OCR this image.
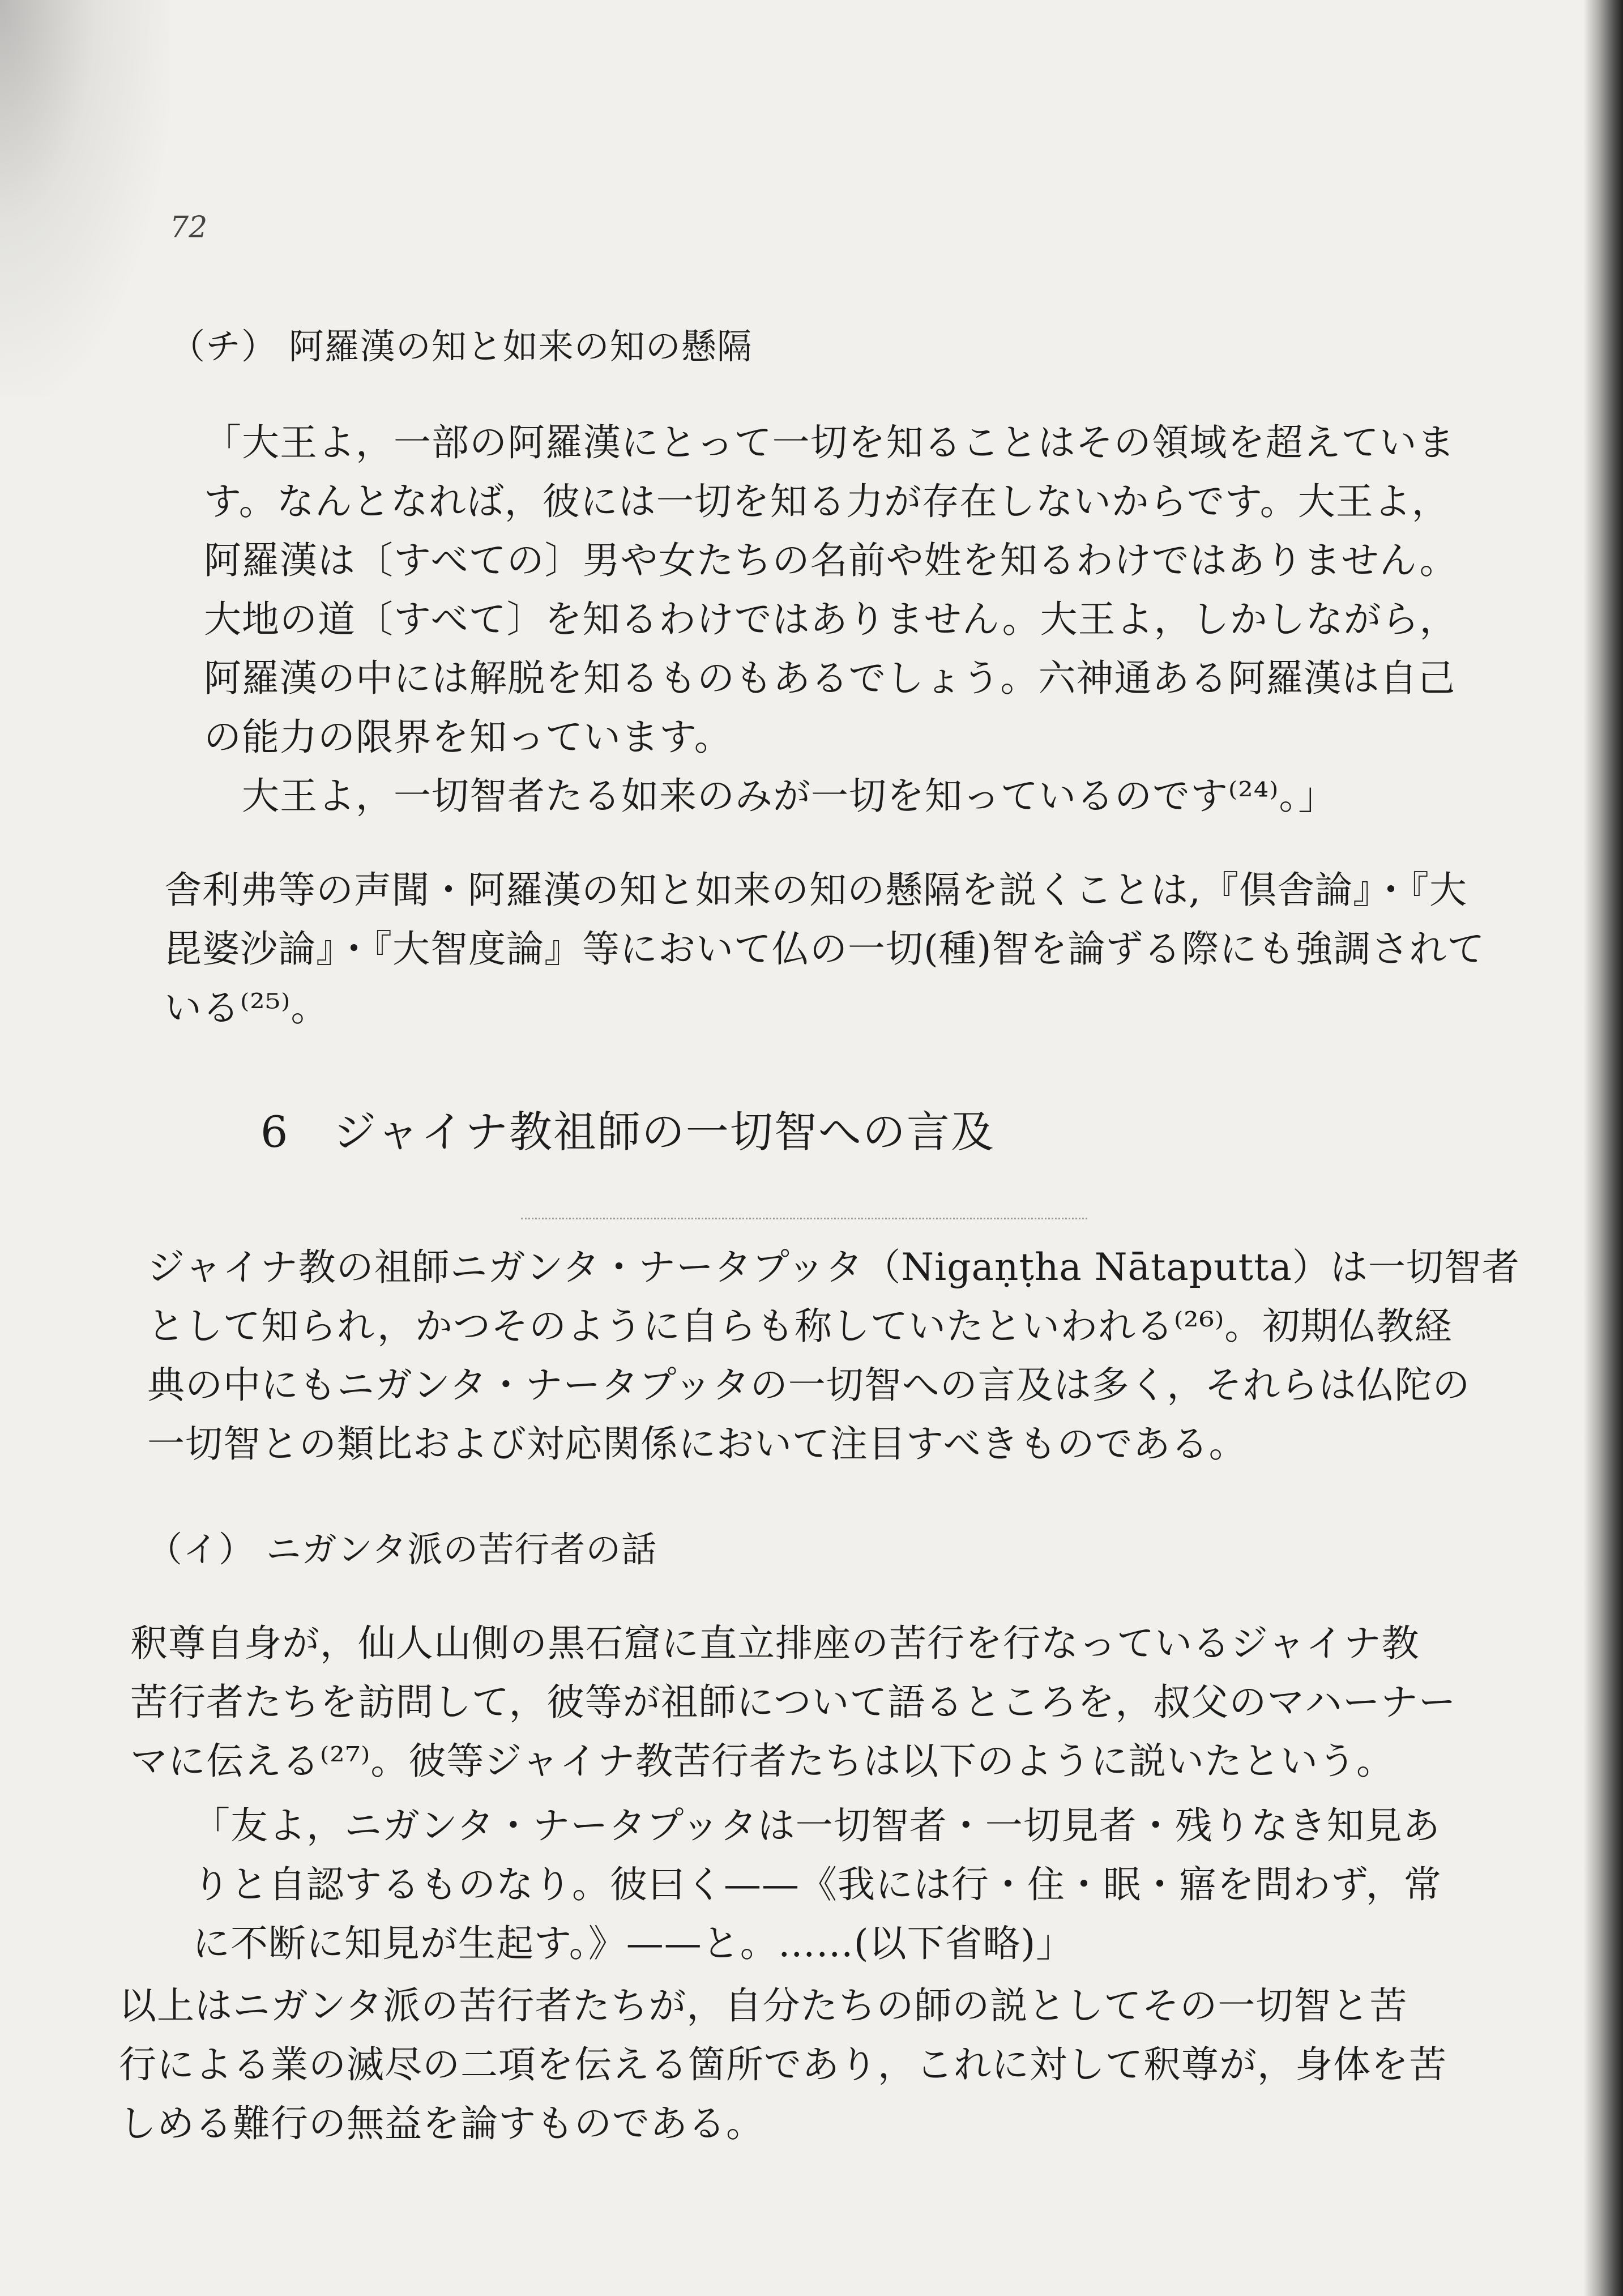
72
（チ） 阿羅漢の知と如来の知の懸隔
「大王よ，一部の阿羅漢にとって一切を知ることはその領域を超えていま
す。なんとなれば，彼には一切を知る力が存在しないからです。大王よ，
阿羅漢は〔すべての〕男や女たちの名前や姓を知るわけではありません。
大地の道〔すべて〕を知るわけではありません。大王よ，しかしながら，
阿羅漢の中には解脱を知るものもあるでしょう。六神通ある阿羅漢は自己
の能力の限界を知っています。
　大王よ，一切智者たる如来のみが一切を知っているのです⁽²⁴⁾。」
舎利弗等の声聞・阿羅漢の知と如来の知の懸隔を説くことは,『倶舎論』・『大
毘婆沙論』・『大智度論』等において仏の一切(種)智を論ずる際にも強調されて
いる⁽²⁵⁾。
6　ジャイナ教祖師の一切智への言及
ジャイナ教の祖師ニガンタ・ナータプッタ（Nigaṇṭha Nātaputta）は一切智者
として知られ，かつそのように自らも称していたといわれる⁽²⁶⁾。初期仏教経
典の中にもニガンタ・ナータプッタの一切智への言及は多く，それらは仏陀の
一切智との類比および対応関係において注目すべきものである。
（イ） ニガンタ派の苦行者の話
釈尊自身が，仙人山側の黒石窟に直立排座の苦行を行なっているジャイナ教
苦行者たちを訪問して，彼等が祖師について語るところを，叔父のマハーナー
マに伝える⁽²⁷⁾。彼等ジャイナ教苦行者たちは以下のように説いたという。
「友よ，ニガンタ・ナータプッタは一切智者・一切見者・残りなき知見あ
りと自認するものなり。彼曰く——《我には行・住・眠・寤を問わず，常
に不断に知見が生起す。》——と。……(以下省略)」
以上はニガンタ派の苦行者たちが，自分たちの師の説としてその一切智と苦
行による業の滅尽の二項を伝える箇所であり，これに対して釈尊が，身体を苦
しめる難行の無益を論すものである。
